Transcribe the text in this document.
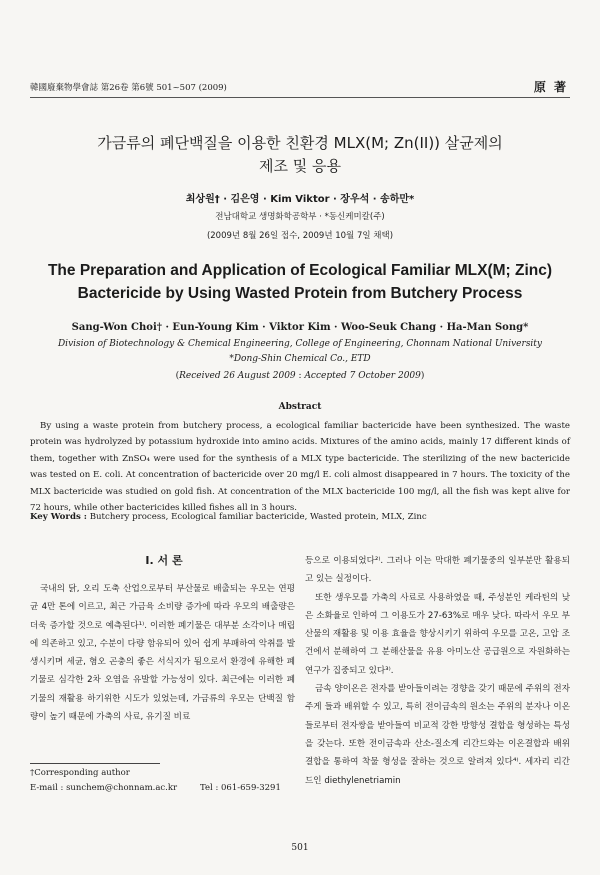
韓國廢棄物學會誌 第26卷 第6號 501~507 (2009)	原 著
가금류의 폐단백질을 이용한 친환경 MLX(M; Zn(II)) 살균제의
제조 및 응용
최상원† · 김은영 · Kim Viktor · 장우석 · 송하만*
전남대학교 생명화학공학부 · *동신케미칼(주)
(2009년 8월 26일 접수, 2009년 10월 7일 채택)
The Preparation and Application of Ecological Familiar MLX(M; Zinc)
Bactericide by Using Wasted Protein from Butchery Process
Sang-Won Choi† · Eun-Young Kim · Viktor Kim · Woo-Seuk Chang · Ha-Man Song*
Division of Biotechnology & Chemical Engineering, College of Engineering, Chonnam National University
*Dong-Shin Chemical Co., ETD
(Received 26 August 2009 : Accepted 7 October 2009)
Abstract

By using a waste protein from butchery process, a ecological familiar bactericide have been synthesized. The waste protein was hydrolyzed by potassium hydroxide into amino acids. Mixtures of the amino acids, mainly 17 different kinds of them, together with ZnSO₄ were used for the synthesis of a MLX type bactericide. The sterilizing of the new bactericide was tested on E. coli. At concentration of bactericide over 20 mg/l E. coli almost disappeared in 7 hours. The toxicity of the MLX bactericide was studied on gold fish. At concentration of the MLX bactericide 100 mg/l, all the fish was kept alive for 72 hours, while other bactericides killed fishes all in 3 hours.

Key Words : Butchery process, Ecological familiar bactericide, Wasted protein, MLX, Zinc
I. 서 론

국내의 닭, 오리 도축 산업으로부터 부산물로 배출되는 우모는 연평균 4만 톤에 이르고, 최근 가금육 소비량 증가에 따라 우모의 배출량은 더욱 증가할 것으로 예측된다¹⁾. 이러한 폐기물은 대부분 소각이나 매립에 의존하고 있고, 수분이 다량 함유되어 있어 쉽게 부패하여 악취를 발생시키며 세균, 혐오 곤충의 좋은 서식지가 됨으로서 환경에 유해한 폐기물로 심각한 2차 오염을 유발할 가능성이 있다. 최근에는 이러한 폐기물의 재활용 하기위한 시도가 있었는데, 가금류의 우모는 단백질 함량이 높기 때문에 가축의 사료, 유기질 비료

등으로 이용되었다²⁾. 그러나 이는 막대한 폐기물중의 일부분만 활용되고 있는 실정이다.

또한 생우모를 가축의 사료로 사용하였을 때, 주성분인 케라틴의 낮은 소화율로 인하여 그 이용도가 27-63%로 매우 낮다. 따라서 우모 부산물의 재활용 및 이용 효율을 향상시키기 위하여 우모를 고온, 고압 조건에서 분해하여 그 분해산물을 유용 아미노산 공급원으로 자원화하는 연구가 집중되고 있다³⁾.

금속 양이온은 전자를 받아들이려는 경향을 갖기 때문에 주위의 전자 주게 들과 배위할 수 있고, 특히 전이금속의 원소는 주위의 분자나 이온들로부터 전자쌍을 받아들여 비교적 강한 방향성 결합을 형성하는 특성을 갖는다. 또한 전이금속과 산소-질소계 리간드와는 이온결합과 배위결합을 통하여 착물 형성을 잘하는 것으로 알려져 있다⁴⁾. 세자리 리간드인 diethylenetriamin

†Corresponding author
E-mail : sunchem@chonnam.ac.kr	Tel : 061-659-3291
501
